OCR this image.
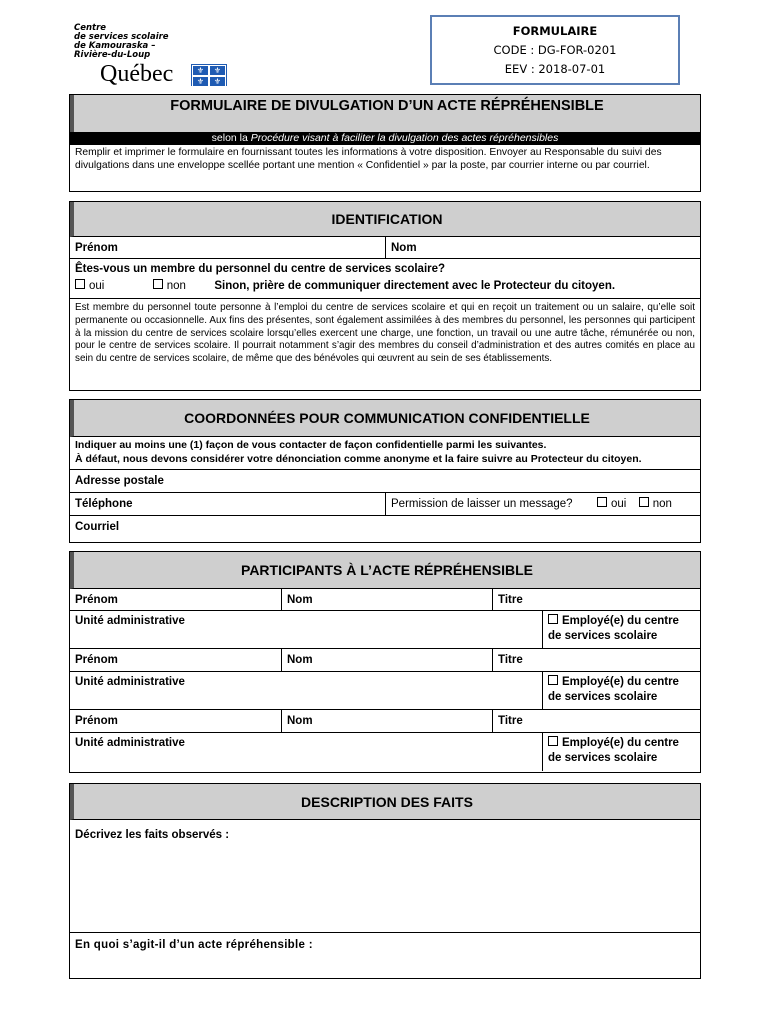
Centre
de services scolaire
de Kamouraska –
Rivière-du-Loup
Québec	⚜	⚜
⚜	⚜
FORMULAIRE
CODE : DG-FOR-0201
EEV : 2018-07-01
FORMULAIRE DE DIVULGATION D’UN ACTE RÉPRÉHENSIBLE
selon la Procédure visant à faciliter la divulgation des actes répréhensibles
Remplir et imprimer le formulaire en fournissant toutes les informations à votre disposition. Envoyer au Responsable du suivi des divulgations dans une enveloppe scellée portant une mention « Confidentiel » par la poste, par courrier interne ou par courriel.
IDENTIFICATION
Prénom	Nom
Êtes-vous un membre du personnel du centre de services scolaire?
oui	non Sinon, prière de communiquer directement avec le Protecteur du citoyen.
Est membre du personnel toute personne à l’emploi du centre de services scolaire et qui en reçoit un traitement ou un salaire, qu’elle soit permanente ou occasionnelle. Aux fins des présentes, sont également assimilées à des membres du personnel, les personnes qui participent à la mission du centre de services scolaire lorsqu’elles exercent une charge, une fonction, un travail ou une autre tâche, rémunérée ou non, pour le centre de services scolaire. Il pourrait notamment s’agir des membres du conseil d’administration et des autres comités en place au sein du centre de services scolaire, de même que des bénévoles qui œuvrent au sein de ses établissements.
COORDONNÉES POUR COMMUNICATION CONFIDENTIELLE
Indiquer au moins une (1) façon de vous contacter de façon confidentielle parmi les suivantes.
À défaut, nous devons considérer votre dénonciation comme anonyme et la faire suivre au Protecteur du citoyen.
Adresse postale
Téléphone	Permission de laisser un message?	oui non
Courriel
PARTICIPANTS À L’ACTE RÉPRÉHENSIBLE
Prénom	Nom	Titre
Unité administrative	Employé(e) du centre de services scolaire
Prénom	Nom	Titre
Unité administrative	Employé(e) du centre de services scolaire
Prénom	Nom	Titre
Unité administrative	Employé(e) du centre de services scolaire
DESCRIPTION DES FAITS
Décrivez les faits observés :
En quoi s’agit-il d’un acte répréhensible :
